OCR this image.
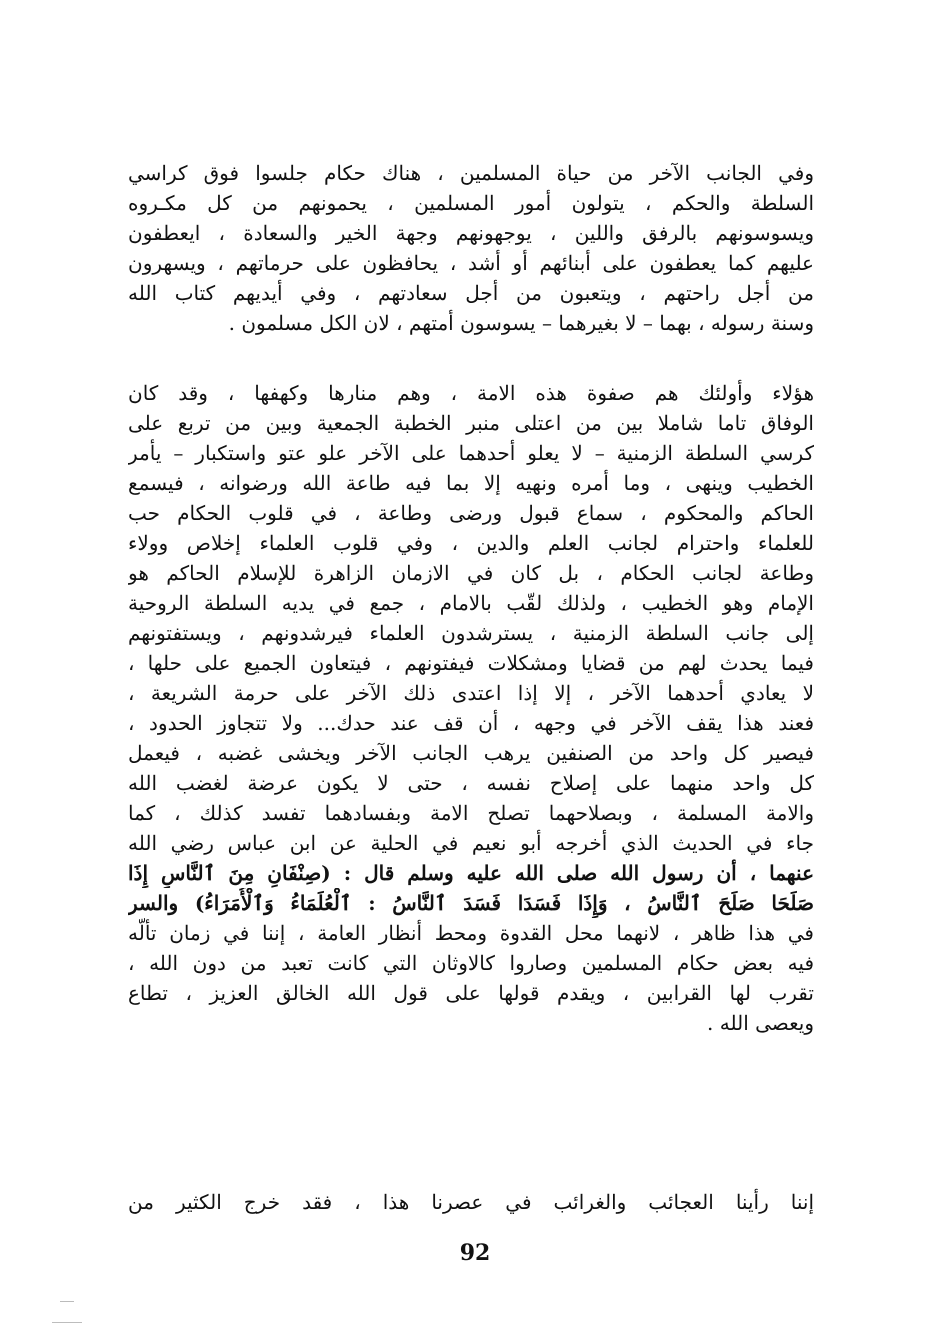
وفي الجانب الآخر من حياة المسلمين ، هناك حكام جلسوا فوق كراسي
السلطة والحكم ، يتولون أمور المسلمين ، يحمونهم من كل مكـروه
ويسوسونهم بالرفق واللين ، يوجهونهم وجهة الخير والسعادة ، ايعطفون
عليهم كما يعطفون على أبنائهم أو أشد ، يحافظون على حرماتهم ، ويسهرون
من أجل راحتهم ، ويتعبون من أجل سعادتهم ، وفي أيديهم كتاب الله
وسنة رسوله ، بهما – لا بغيرهما – يسوسون أمتهم ، لان الكل مسلمون .
هؤلاء وأولئك هم صفوة هذه الامة ، وهم منارها وكهفها ، وقد كان
الوفاق تاما شاملا بين من اعتلى منبر الخطبة الجمعية وبين من تربع على
كرسي السلطة الزمنية – لا يعلو أحدهما على الآخر علو عتو واستكبار – يأمر
الخطيب وينهى ، وما أمره ونهيه إلا بما فيه طاعة الله ورضوانه ، فيسمع
الحاكم والمحكوم ، سماع قبول ورضى وطاعة ، في قلوب الحكام حب
للعلماء واحترام لجانب العلم والدين ، وفي قلوب العلماء إخلاص وولاء
وطاعة لجانب الحكام ، بل كان في الازمان الزاهرة للإسلام الحاكم هو
الإمام وهو الخطيب ، ولذلك لقّب بالامام ، جمع في يديه السلطة الروحية
إلى جانب السلطة الزمنية ، يسترشدون العلماء فيرشدونهم ، ويستفتونهم
فيما يحدث لهم من قضايا ومشكلات فيفتونهم ، فيتعاون الجميع على حلها ،
لا يعادي أحدهما الآخر ، إلا إذا اعتدى ذلك الآخر على حرمة الشريعة ،
فعند هذا يقف الآخر في وجهه ، أن قف عند حدك... ولا تتجاوز الحدود ،
فيصير كل واحد من الصنفين يرهب الجانب الآخر ويخشى غضبه ، فيعمل
كل واحد منهما على إصلاح نفسه ، حتى لا يكون عرضة لغضب الله
والامة المسلمة ، وبصلاحهما تصلح الامة وبفسادهما تفسد كذلك ، كما
جاء في الحديث الذي أخرجه أبو نعيم في الحلية عن ابن عباس رضي الله
عنهما ، أن رسول الله صلى الله عليه وسلم قال : (صِنْفَانِ مِنَ ٱلنَّاسِ إِذَا
صَلَحَا صَلَحَ ٱلنَّاسُ ، وَإِذَا فَسَدَا فَسَدَ ٱلنَّاسُ : ٱلْعُلَمَاءُ وَٱلْأُمَرَاءُ) والسر
في هذا ظاهر ، لانهما محل القدوة ومحط أنظار العامة ، إننا في زمان تألّه
فيه بعض حكام المسلمين وصاروا كالاوثان التي كانت تعبد من دون الله ،
تقرب لها القرابين ، ويقدم قولها على قول الله الخالق العزيز ، تطاع
ويعصى الله .
إننا رأينا العجائب والغرائب في عصرنا هذا ، فقد خرج الكثير من
92
